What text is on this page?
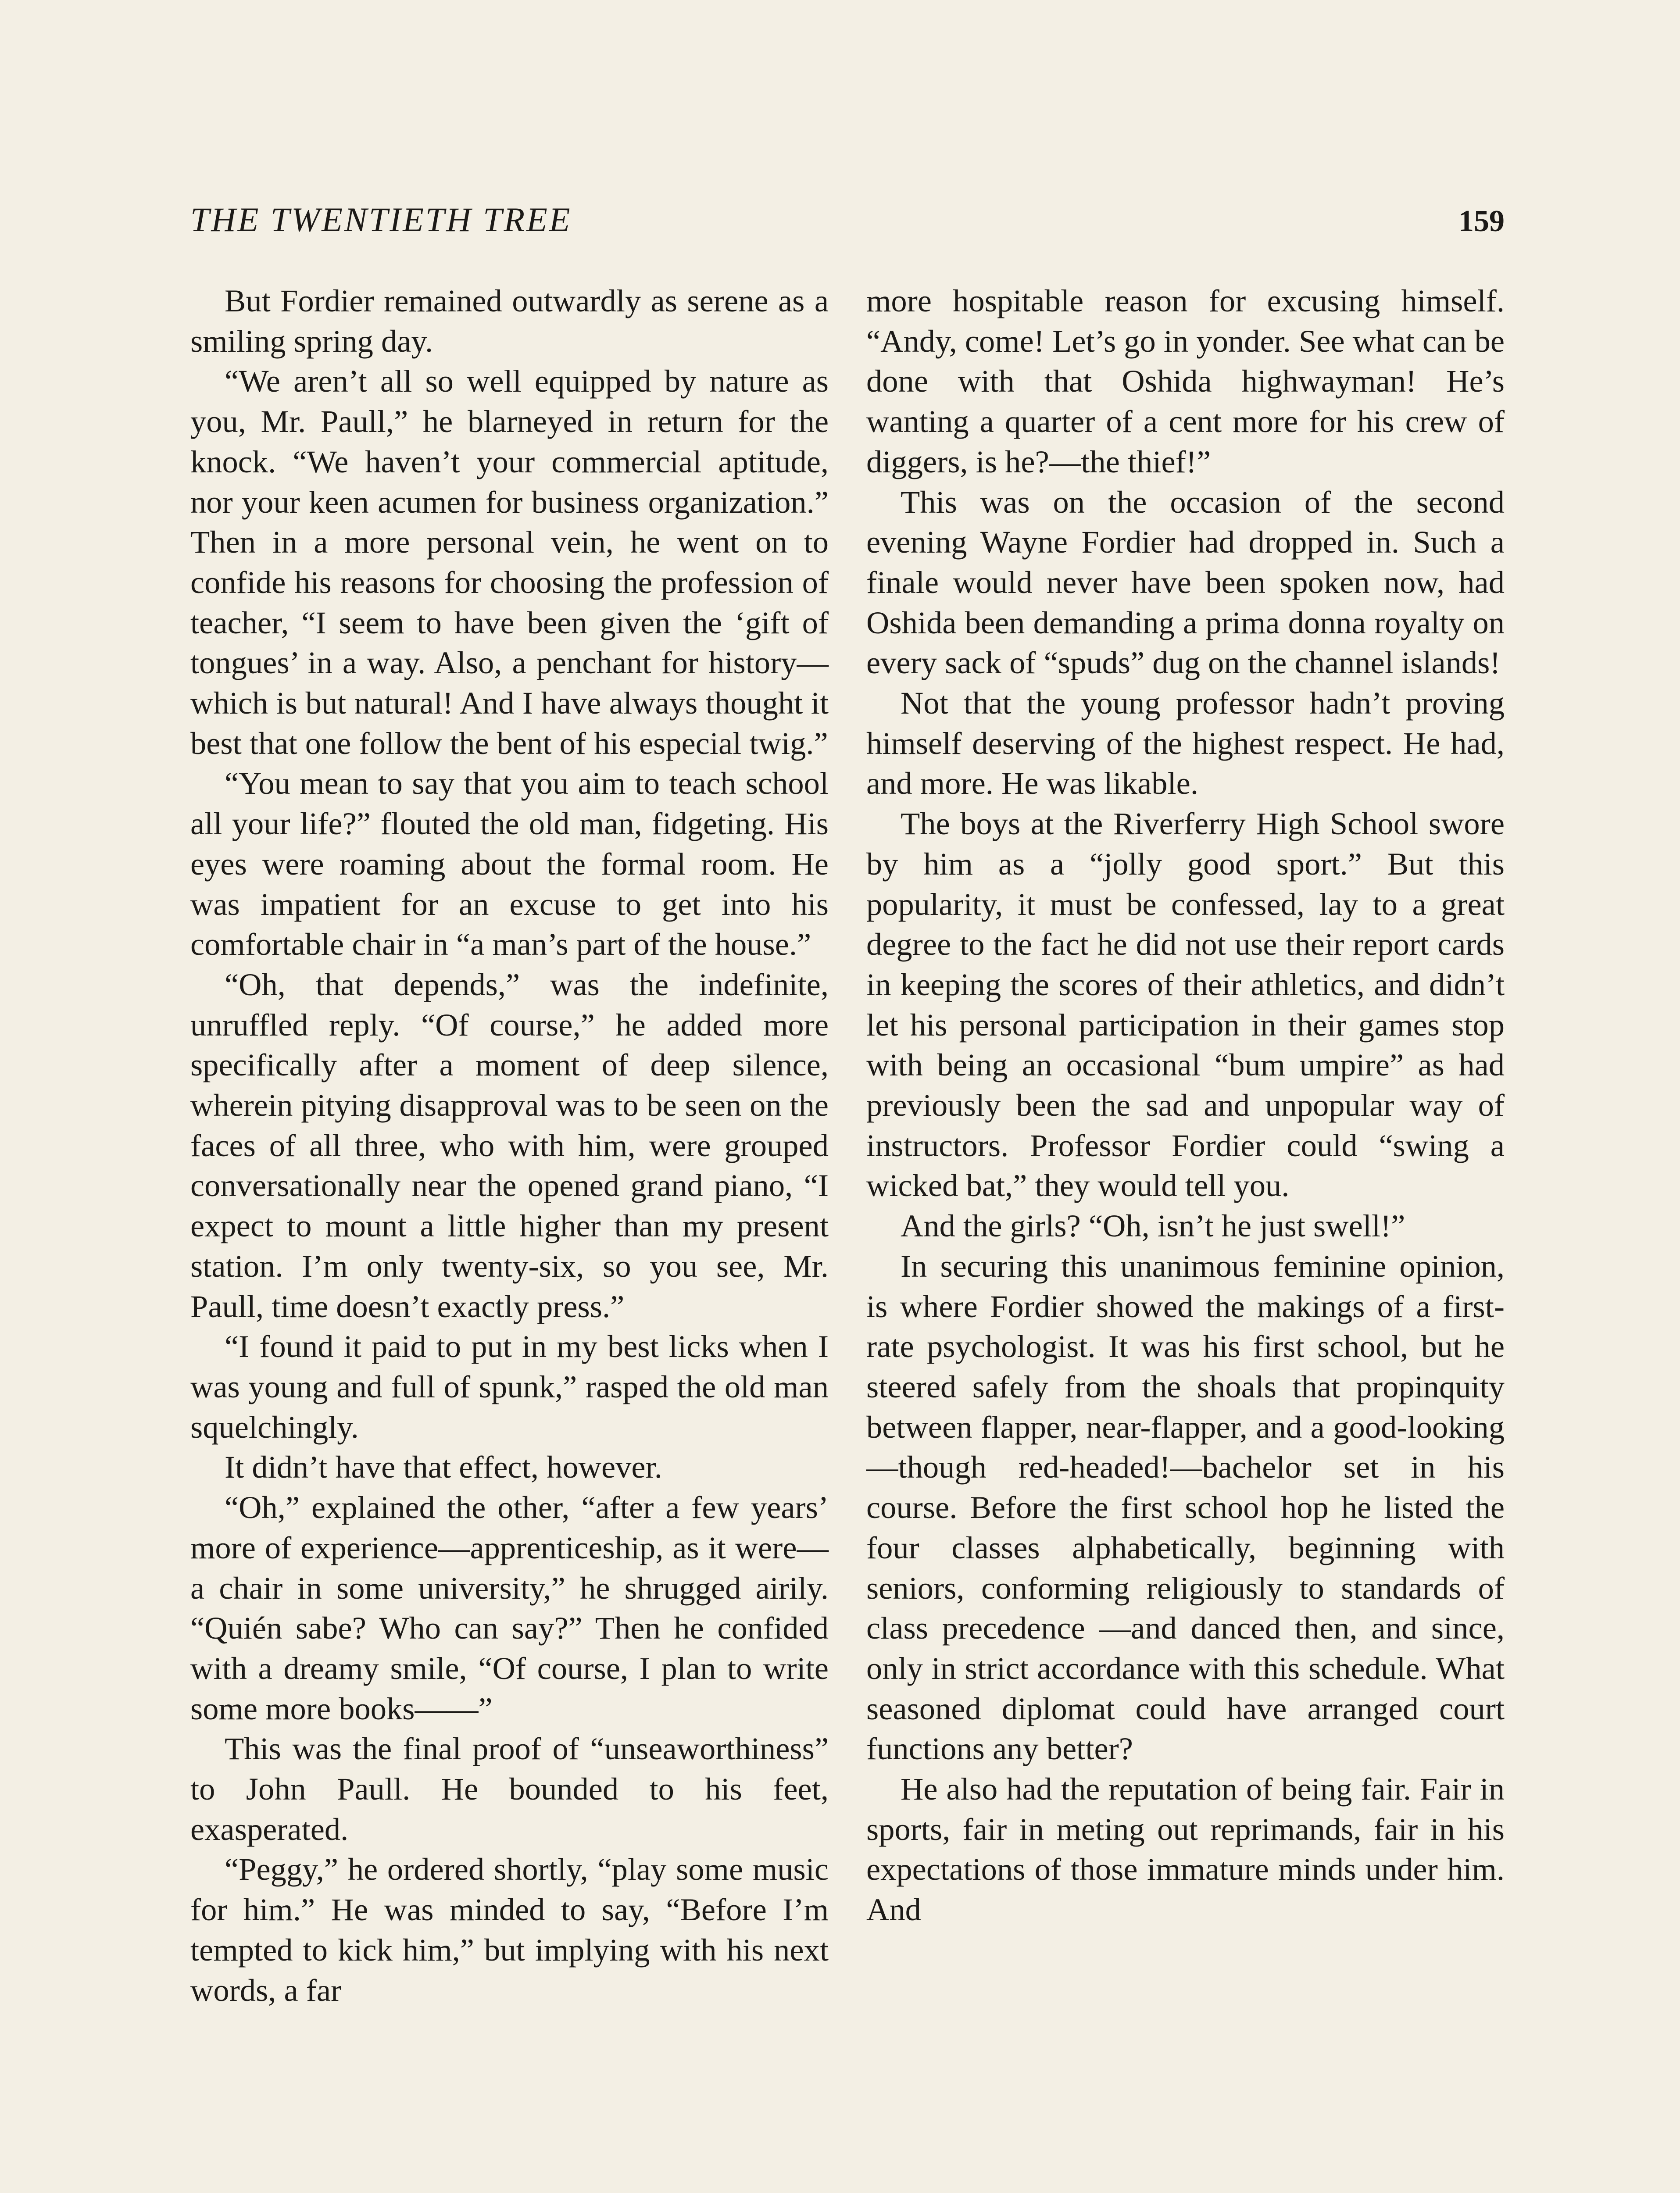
THE TWENTIETH TREE	159

But Fordier remained outwardly as serene as a smiling spring day.

“We aren’t all so well equipped by nature as you, Mr. Paull,” he blarneyed in return for the knock. “We haven’t your commercial aptitude, nor your keen acumen for business organization.” Then in a more personal vein, he went on to confide his reasons for choosing the profession of teacher, “I seem to have been given the ‘gift of tongues’ in a way. Also, a penchant for history—which is but natural! And I have always thought it best that one follow the bent of his especial twig.”

“You mean to say that you aim to teach school all your life?” flouted the old man, fidgeting. His eyes were roaming about the formal room. He was impatient for an excuse to get into his comfortable chair in “a man’s part of the house.”

“Oh, that depends,” was the indefinite, unruffled reply. “Of course,” he added more specifically after a moment of deep silence, wherein pitying disapproval was to be seen on the faces of all three, who with him, were grouped conversationally near the opened grand piano, “I expect to mount a little higher than my present station. I’m only twenty-six, so you see, Mr. Paull, time doesn’t exactly press.”

“I found it paid to put in my best licks when I was young and full of spunk,” rasped the old man squelchingly.

It didn’t have that effect, however.

“Oh,” explained the other, “after a few years’ more of experience—apprenticeship, as it were—a chair in some university,” he shrugged airily. “Quién sabe? Who can say?” Then he confided with a dreamy smile, “Of course, I plan to write some more books——”

This was the final proof of “unseaworthiness” to John Paull. He bounded to his feet, exasperated.

“Peggy,” he ordered shortly, “play some music for him.” He was minded to say, “Before I’m tempted to kick him,” but implying with his next words, a far

more hospitable reason for excusing himself. “Andy, come! Let’s go in yonder. See what can be done with that Oshida highwayman! He’s wanting a quarter of a cent more for his crew of diggers, is he?—the thief!”

This was on the occasion of the second evening Wayne Fordier had dropped in. Such a finale would never have been spoken now, had Oshida been demanding a prima donna royalty on every sack of “spuds” dug on the channel islands!

Not that the young professor hadn’t proving himself deserving of the highest respect. He had, and more. He was likable.

The boys at the Riverferry High School swore by him as a “jolly good sport.” But this popularity, it must be confessed, lay to a great degree to the fact he did not use their report cards in keeping the scores of their athletics, and didn’t let his personal participation in their games stop with being an occasional “bum umpire” as had previously been the sad and unpopular way of instructors. Professor Fordier could “swing a wicked bat,” they would tell you.

And the girls? “Oh, isn’t he just swell!”

In securing this unanimous feminine opinion, is where Fordier showed the makings of a first-rate psychologist. It was his first school, but he steered safely from the shoals that propinquity between flapper, near-flapper, and a good-looking —though red-headed!—bachelor set in his course. Before the first school hop he listed the four classes alphabetically, beginning with seniors, conforming religiously to standards of class precedence —and danced then, and since, only in strict accordance with this schedule. What seasoned diplomat could have arranged court functions any better?

He also had the reputation of being fair. Fair in sports, fair in meting out reprimands, fair in his expectations of those immature minds under him. And
